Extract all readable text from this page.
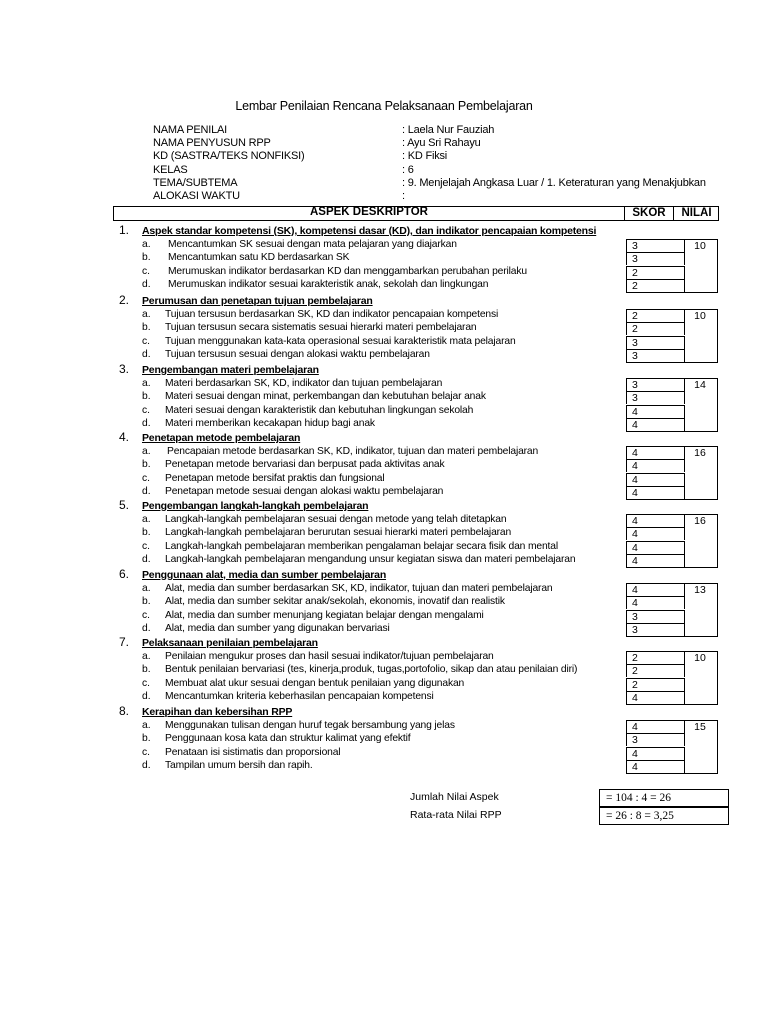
Lembar Penilaian Rencana Pelaksanaan Pembelajaran
NAMA PENILAI	: Laela Nur Fauziah
NAMA PENYUSUN RPP	: Ayu Sri Rahayu
KD (SASTRA/TEKS NONFIKSI)	: KD Fiksi
KELAS	: 6
TEMA/SUBTEMA	: 9. Menjelajah Angkasa Luar / 1. Keteraturan yang Menakjubkan
ALOKASI WAKTU	:
ASPEK DESKRIPTOR	SKOR	NILAI
1. Aspek standar kompetensi (SK), kompetensi dasar (KD), dan indikator pencapaian kompetensi
a. Mencantumkan SK sesuai dengan mata pelajaran yang diajarkan	3
b. Mencantumkan satu KD berdasarkan SK	3
c. Merumuskan indikator berdasarkan KD dan menggambarkan perubahan perilaku	2
d. Merumuskan indikator sesuai karakteristik anak, sekolah dan lingkungan	2
10
2. Perumusan dan penetapan tujuan pembelajaran
a. Tujuan tersusun berdasarkan SK, KD dan indikator pencapaian kompetensi	2
b. Tujuan tersusun secara sistematis sesuai hierarki materi pembelajaran	2
c. Tujuan menggunakan kata-kata operasional sesuai karakteristik mata pelajaran	3
d. Tujuan tersusun sesuai dengan alokasi waktu pembelajaran	3
10
3. Pengembangan materi pembelajaran
a. Materi berdasarkan SK, KD, indikator dan tujuan pembelajaran	3
b. Materi sesuai dengan minat, perkembangan dan kebutuhan belajar anak	3
c. Materi sesuai dengan karakteristik dan kebutuhan lingkungan sekolah	4
d. Materi memberikan kecakapan hidup bagi anak	4
14
4. Penetapan metode pembelajaran
a. Pencapaian metode berdasarkan SK, KD, indikator, tujuan dan materi pembelajaran	4
b. Penetapan metode bervariasi dan berpusat pada aktivitas anak	4
c. Penetapan metode bersifat praktis dan fungsional	4
d. Penetapan metode sesuai dengan alokasi waktu pembelajaran	4
16
5. Pengembangan langkah-langkah pembelajaran
a. Langkah-langkah pembelajaran sesuai dengan metode yang telah ditetapkan	4
b. Langkah-langkah pembelajaran berurutan sesuai hierarki materi pembelajaran	4
c. Langkah-langkah pembelajaran memberikan pengalaman belajar secara fisik dan mental	4
d. Langkah-langkah pembelajaran mengandung unsur kegiatan siswa dan materi pembelajaran	4
16
6. Penggunaan alat, media dan sumber pembelajaran
a. Alat, media dan sumber berdasarkan SK, KD, indikator, tujuan dan materi pembelajaran	4
b. Alat, media dan sumber sekitar anak/sekolah, ekonomis, inovatif dan realistik	4
c. Alat, media dan sumber menunjang kegiatan belajar dengan mengalami	3
d. Alat, media dan sumber yang digunakan bervariasi	3
13
7. Pelaksanaan penilaian pembelajaran
a. Penilaian mengukur proses dan hasil sesuai indikator/tujuan pembelajaran	2
b. Bentuk penilaian bervariasi (tes, kinerja,produk, tugas,portofolio, sikap dan atau penilaian diri)	2
c. Membuat alat ukur sesuai dengan bentuk penilaian yang digunakan	2
d. Mencantumkan kriteria keberhasilan pencapaian kompetensi	4
10
8. Kerapihan dan kebersihan RPP
a. Menggunakan tulisan dengan huruf tegak bersambung yang jelas	4
b. Penggunaan kosa kata dan struktur kalimat yang efektif	3
c. Penataan isi sistimatis dan proporsional	4
d. Tampilan umum bersih dan rapih.	4
15
Jumlah Nilai Aspek	= 104 : 4 = 26
Rata-rata Nilai RPP	= 26 : 8 = 3,25
